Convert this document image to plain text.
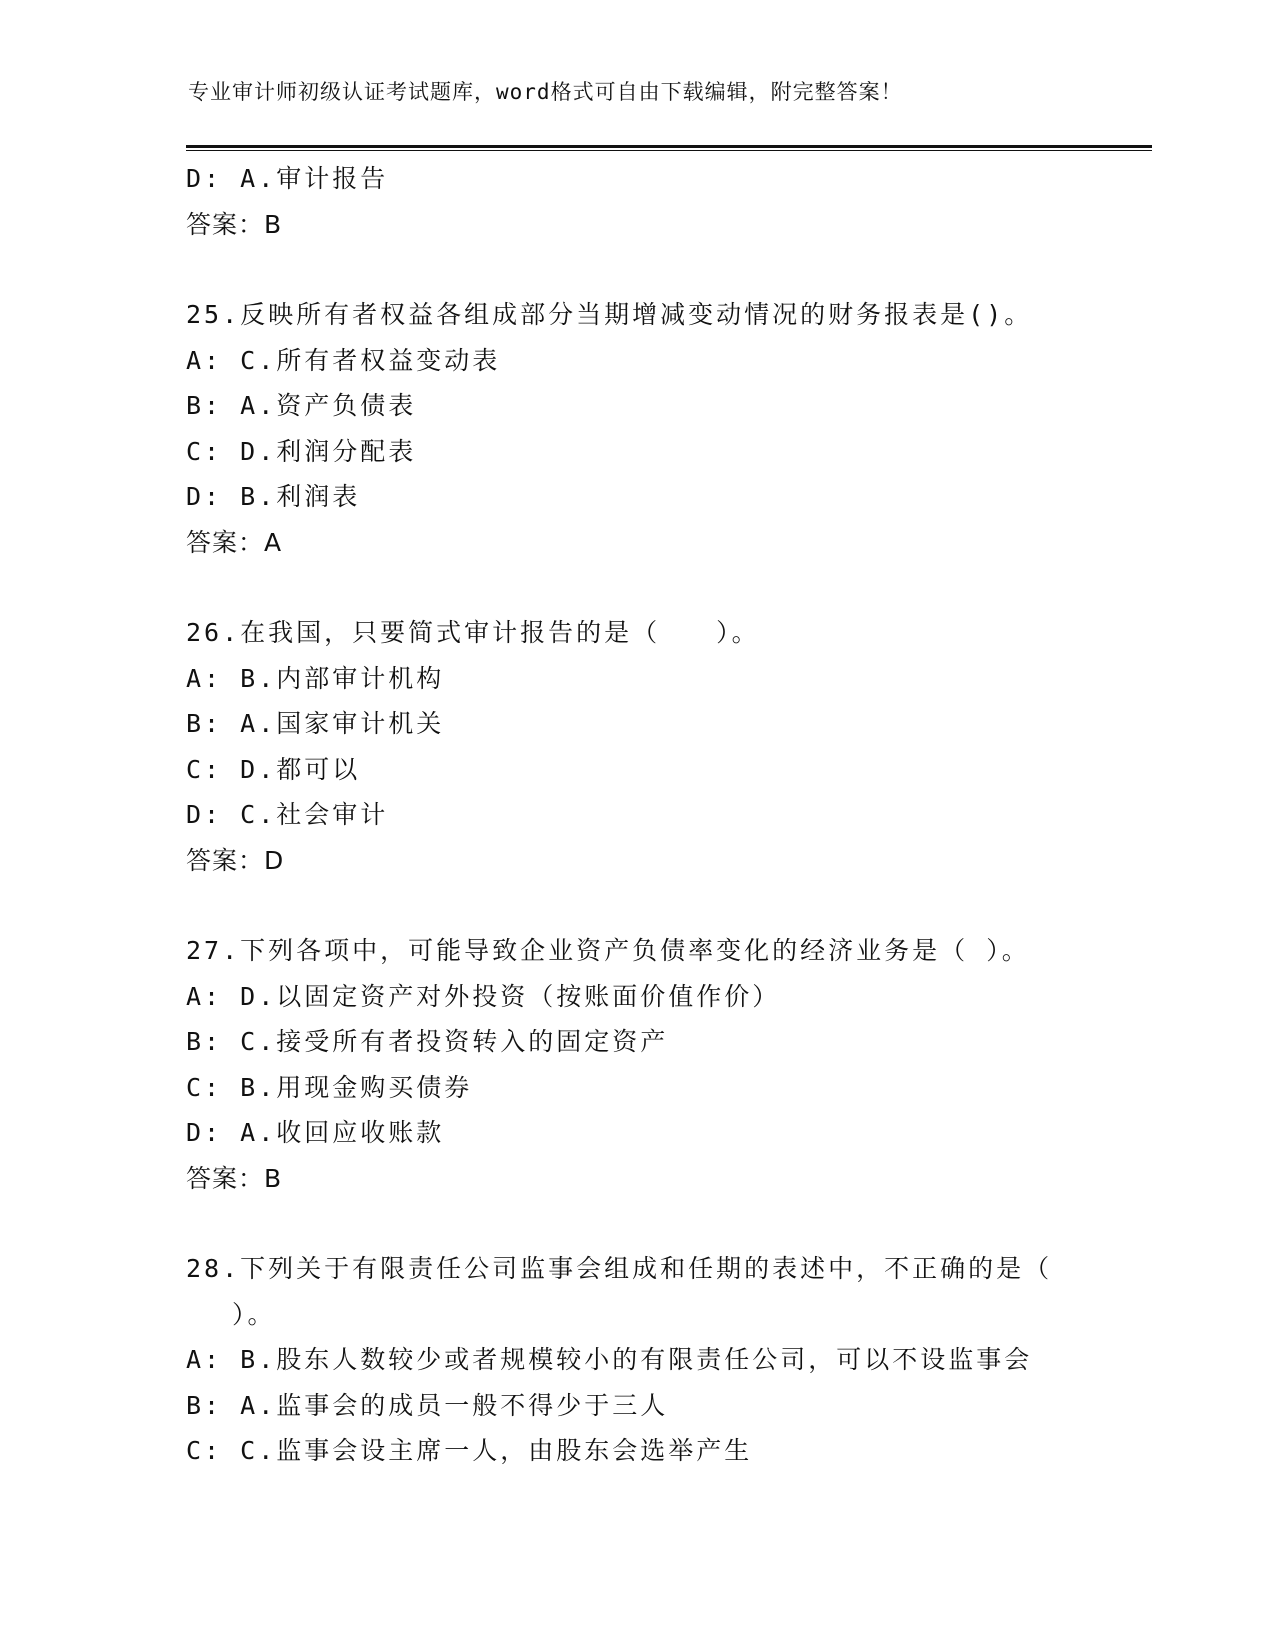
专业审计师初级认证考试题库，word格式可自由下载编辑，附完整答案！
D: A.审计报告
答案：B
25.反映所有者权益各组成部分当期增减变动情况的财务报表是()。
A: C.所有者权益变动表
B: A.资产负债表
C: D.利润分配表
D: B.利润表
答案：A
26.在我国，只要简式审计报告的是（　　）。
A: B.内部审计机构
B: A.国家审计机关
C: D.都可以
D: C.社会审计
答案：D
27.下列各项中，可能导致企业资产负债率变化的经济业务是（ ）。
A: D.以固定资产对外投资（按账面价值作价）
B: C.接受所有者投资转入的固定资产
C: B.用现金购买债券
D: A.收回应收账款
答案：B
28.下列关于有限责任公司监事会组成和任期的表述中，不正确的是（
）。
A: B.股东人数较少或者规模较小的有限责任公司，可以不设监事会
B: A.监事会的成员一般不得少于三人
C: C.监事会设主席一人，由股东会选举产生
